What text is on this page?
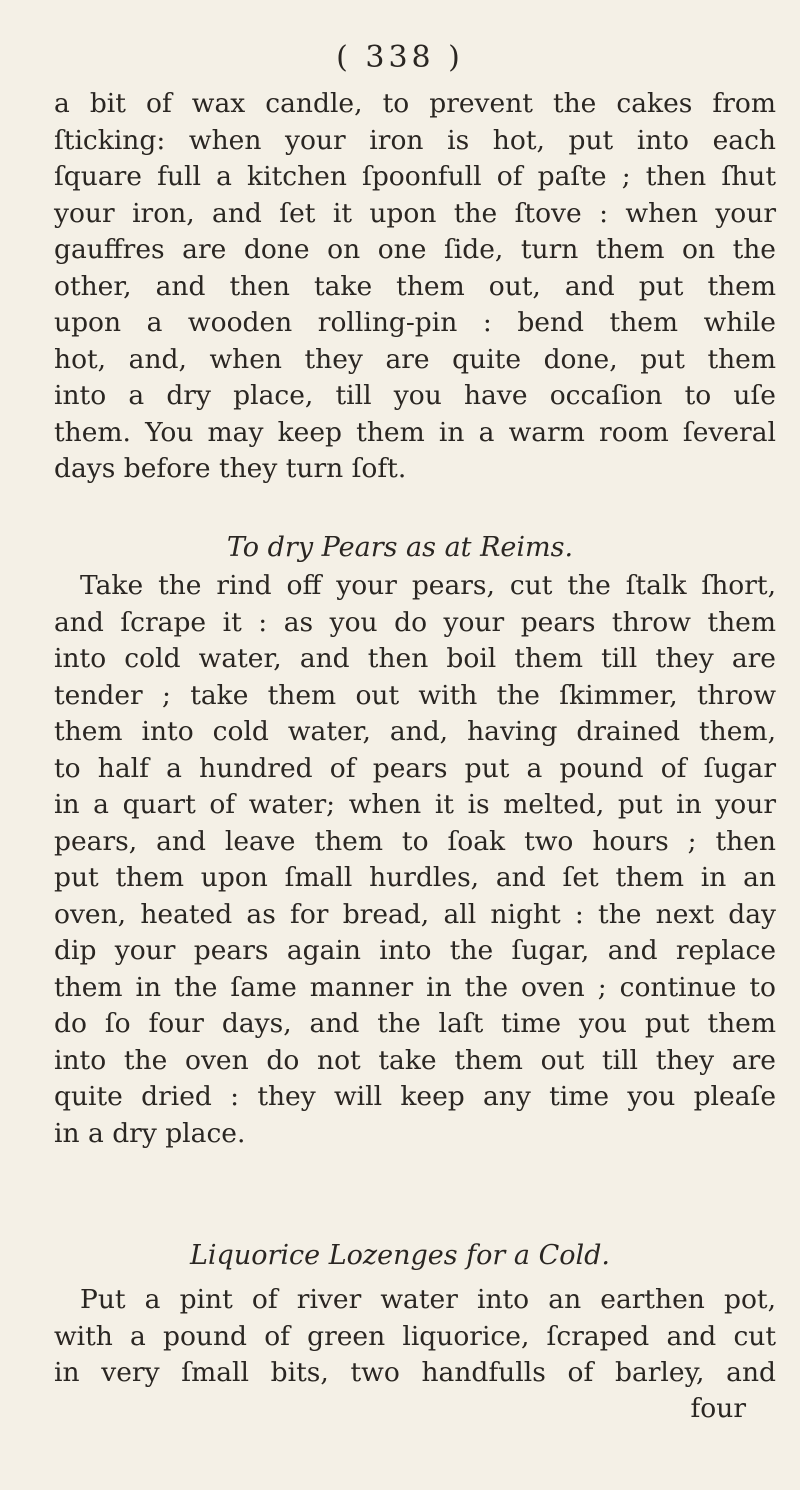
( 338 )
a bit of wax candle, to prevent the cakes from
ſticking: when your iron is hot, put into each
ſquare full a kitchen ſpoonfull of paſte ; then ſhut
your iron, and ſet it upon the ſtove : when your
gauffres are done on one ſide, turn them on the
other, and then take them out, and put them
upon a wooden rolling-pin : bend them while
hot, and, when they are quite done, put them
into a dry place, till you have occaſion to uſe
them. You may keep them in a warm room ſeveral
days before they turn ſoft.
To dry Pears as at Reims.
Take the rind off your pears, cut the ſtalk ſhort,
and ſcrape it : as you do your pears throw them
into cold water, and then boil them till they are
tender ; take them out with the ſkimmer, throw
them into cold water, and, having drained them,
to half a hundred of pears put a pound of ſugar
in a quart of water; when it is melted, put in your
pears, and leave them to ſoak two hours ; then
put them upon ſmall hurdles, and ſet them in an
oven, heated as for bread, all night : the next day
dip your pears again into the ſugar, and replace
them in the ſame manner in the oven ; continue to
do ſo four days, and the laſt time you put them
into the oven do not take them out till they are
quite dried : they will keep any time you pleaſe
in a dry place.
Liquorice Lozenges for a Cold.
Put a pint of river water into an earthen pot,
with a pound of green liquorice, ſcraped and cut
in very ſmall bits, two handfulls of barley, and
four
